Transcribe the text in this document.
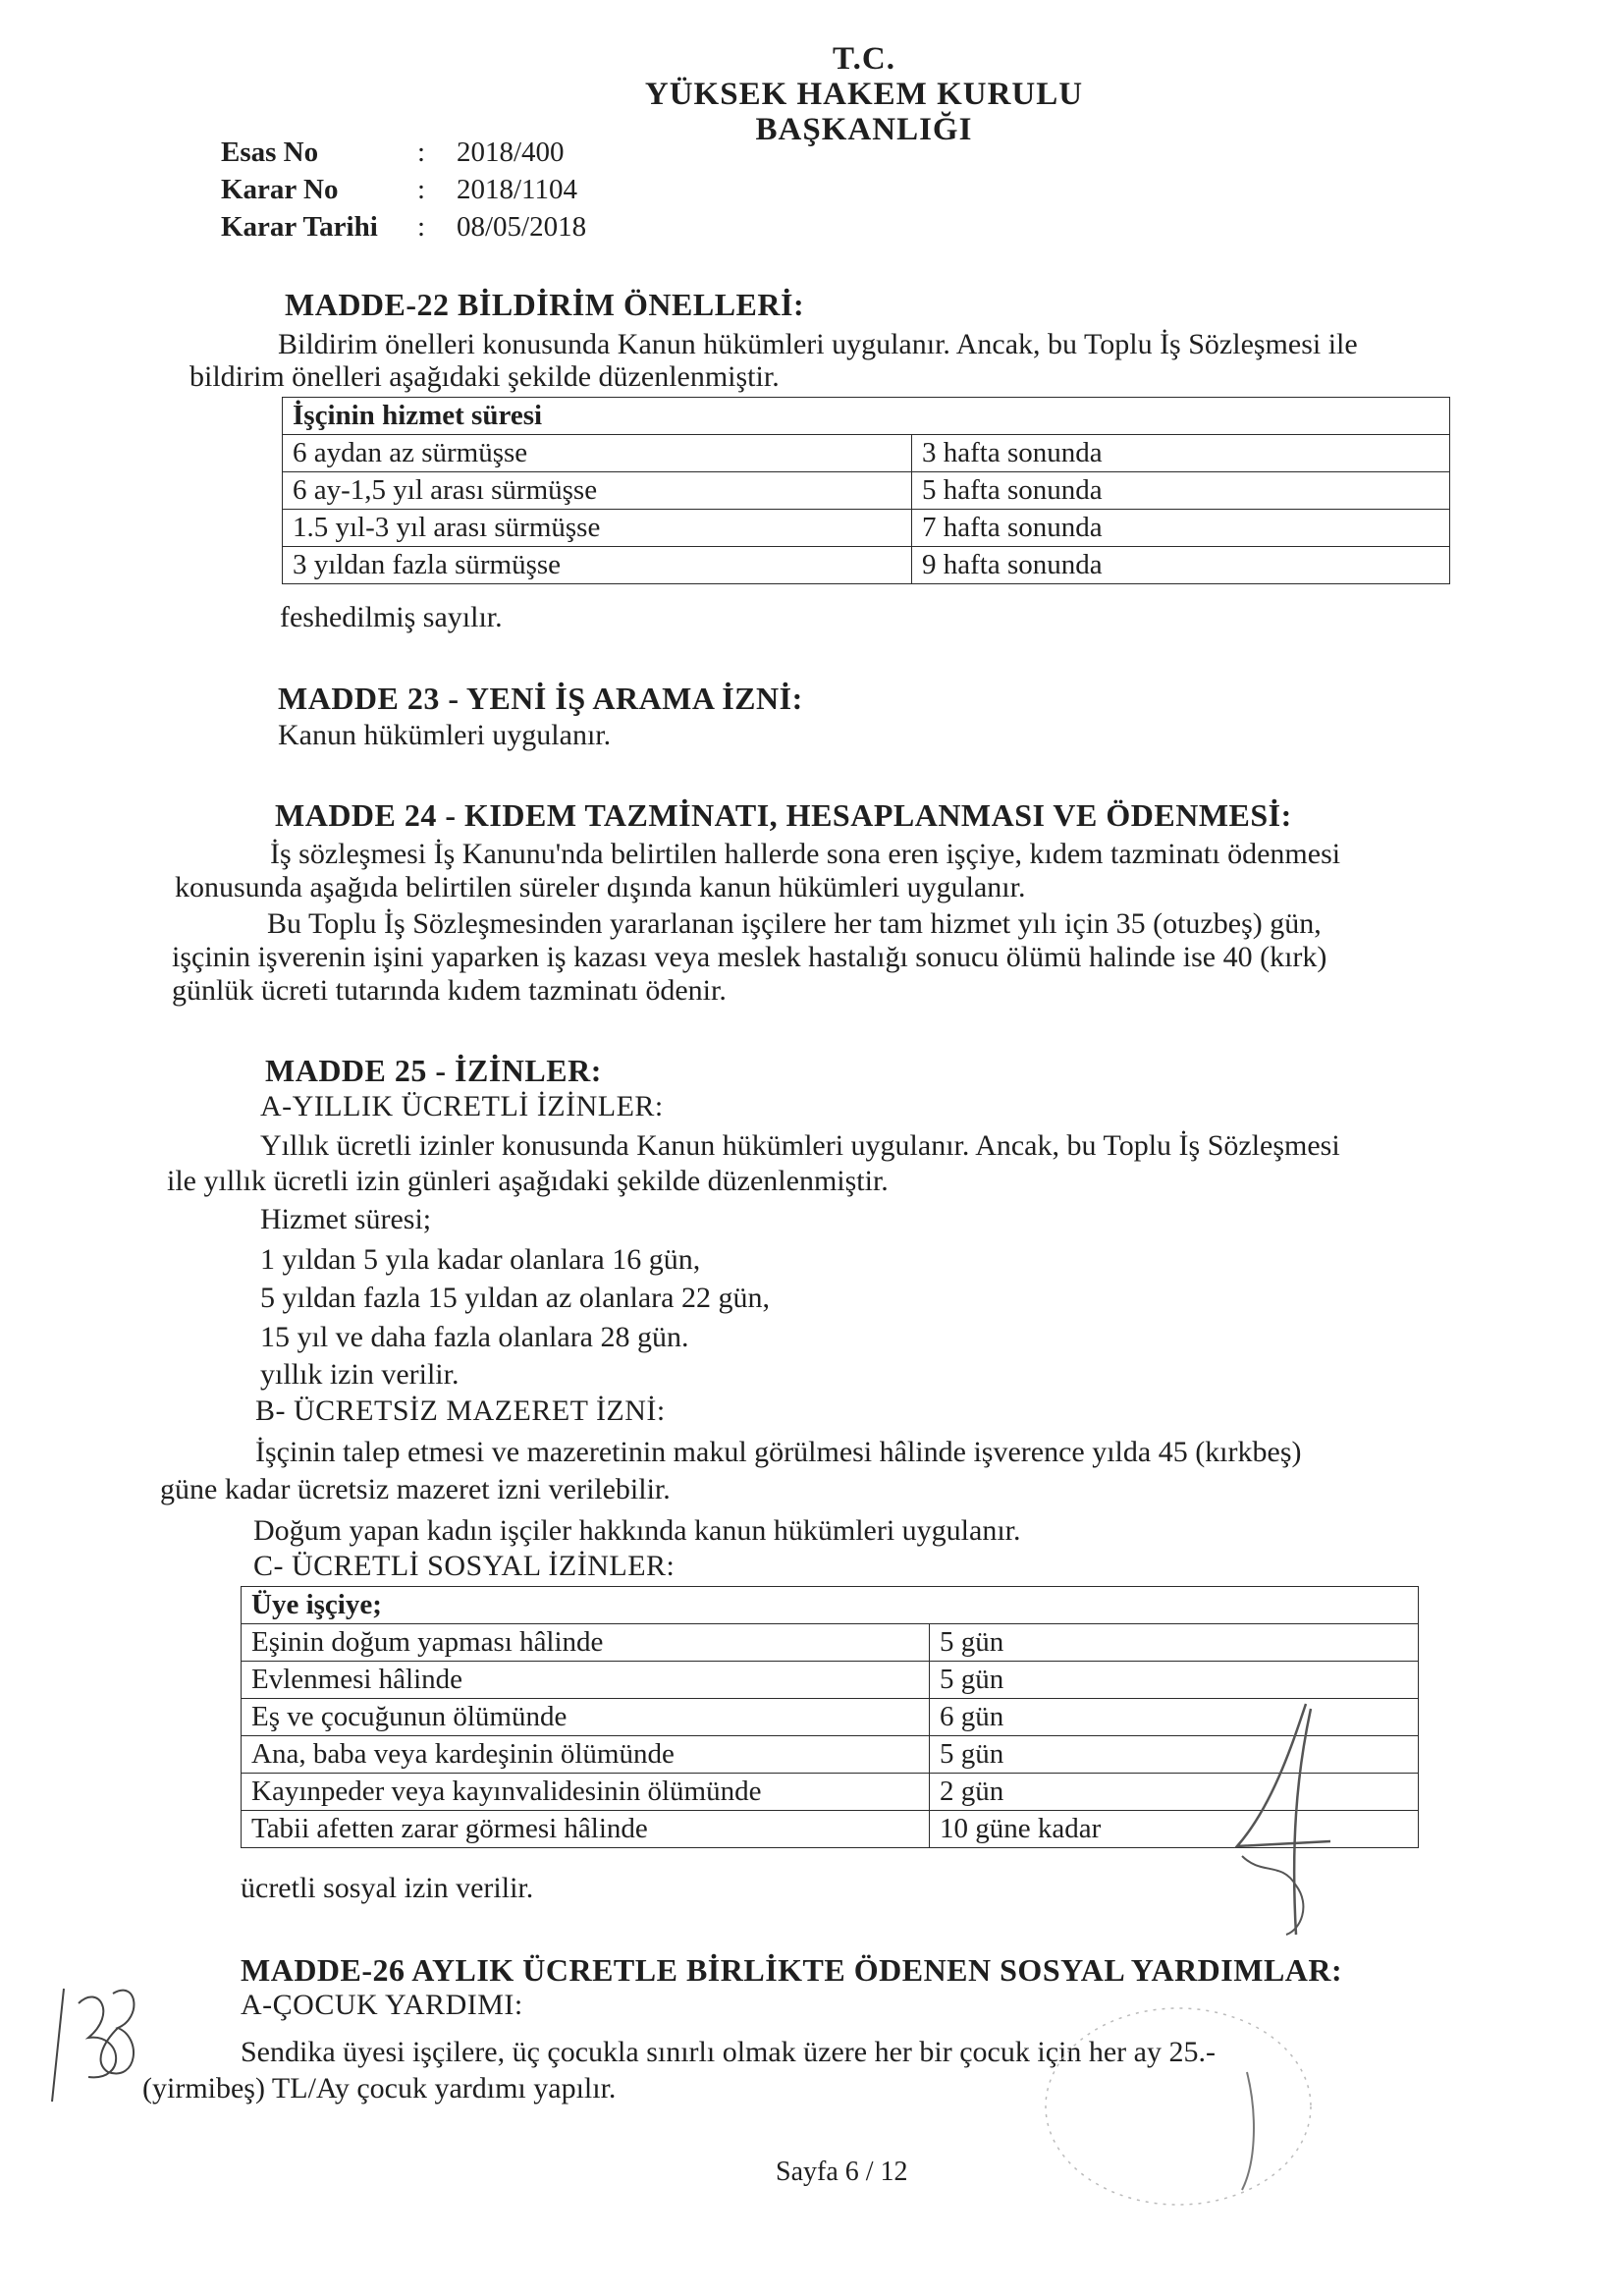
T.C.
YÜKSEK HAKEM KURULU
BAŞKANLIĞI
Esas No	: 2018/400
Karar No	: 2018/1104
Karar Tarihi : 08/05/2018
MADDE-22 BİLDİRİM ÖNELLERİ:
Bildirim önelleri konusunda Kanun hükümleri uygulanır. Ancak, bu Toplu İş Sözleşmesi ile
bildirim önelleri aşağıdaki şekilde düzenlenmiştir.
İşçinin hizmet süresi	
6 aydan az sürmüşse	3 hafta sonunda
6 ay-1,5 yıl arası sürmüşse	5 hafta sonunda
1.5 yıl-3 yıl arası sürmüşse	7 hafta sonunda
3 yıldan fazla sürmüşse	9 hafta sonunda
feshedilmiş sayılır.
MADDE 23 - YENİ İŞ ARAMA İZNİ:
Kanun hükümleri uygulanır.
MADDE 24 - KIDEM TAZMİNATI, HESAPLANMASI VE ÖDENMESİ:
İş sözleşmesi İş Kanunu'nda belirtilen hallerde sona eren işçiye, kıdem tazminatı ödenmesi
konusunda aşağıda belirtilen süreler dışında kanun hükümleri uygulanır.
Bu Toplu İş Sözleşmesinden yararlanan işçilere her tam hizmet yılı için 35 (otuzbeş) gün,
işçinin işverenin işini yaparken iş kazası veya meslek hastalığı sonucu ölümü halinde ise 40 (kırk)
günlük ücreti tutarında kıdem tazminatı ödenir.
MADDE 25 - İZİNLER:
A-YILLIK ÜCRETLİ İZİNLER:
Yıllık ücretli izinler konusunda Kanun hükümleri uygulanır. Ancak, bu Toplu İş Sözleşmesi
ile yıllık ücretli izin günleri aşağıdaki şekilde düzenlenmiştir.
Hizmet süresi;
1 yıldan 5 yıla kadar olanlara 16 gün,
5 yıldan fazla 15 yıldan az olanlara 22 gün,
15 yıl ve daha fazla olanlara 28 gün.
yıllık izin verilir.
B- ÜCRETSİZ MAZERET İZNİ:
İşçinin talep etmesi ve mazeretinin makul görülmesi hâlinde işverence yılda 45 (kırkbeş)
güne kadar ücretsiz mazeret izni verilebilir.
Doğum yapan kadın işçiler hakkında kanun hükümleri uygulanır.
C- ÜCRETLİ SOSYAL İZİNLER:
Üye işçiye;	
Eşinin doğum yapması hâlinde	5 gün
Evlenmesi hâlinde	5 gün
Eş ve çocuğunun ölümünde	6 gün
Ana, baba veya kardeşinin ölümünde	5 gün
Kayınpeder veya kayınvalidesinin ölümünde	2 gün
Tabii afetten zarar görmesi hâlinde	10 güne kadar
ücretli sosyal izin verilir.
MADDE-26 AYLIK ÜCRETLE BİRLİKTE ÖDENEN SOSYAL YARDIMLAR:
A-ÇOCUK YARDIMI:
Sendika üyesi işçilere, üç çocukla sınırlı olmak üzere her bir çocuk için her ay 25.-
(yirmibeş) TL/Ay çocuk yardımı yapılır.
Sayfa 6 / 12
